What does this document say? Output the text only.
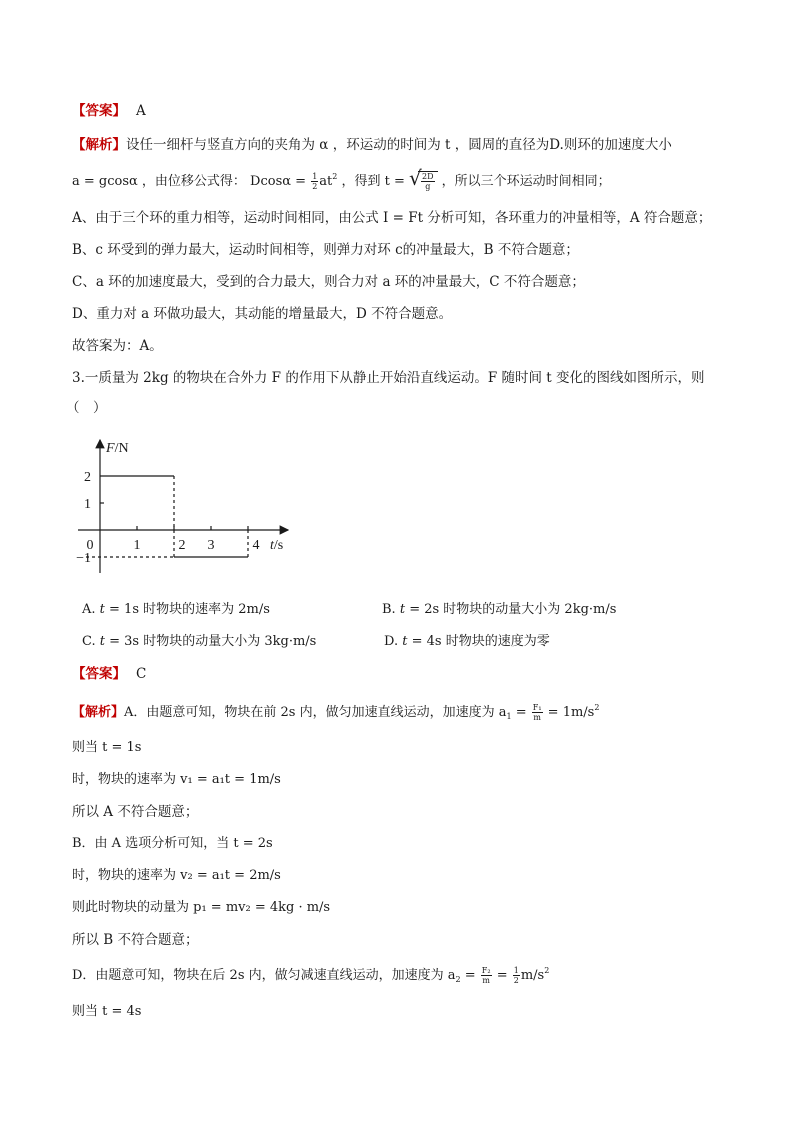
【答案】 A
【解析】设任一细杆与竖直方向的夹角为 α ，环运动的时间为 t ，圆周的直径为D.则环的加速度大小
a = gcosα ，由位移公式得： $Dcos\alpha = \frac{1}{2} at^2$ ，得到 t = √ $\frac{2D}{g}$ ，所以三个环运动时间相同；
A、由于三个环的重力相等，运动时间相同，由公式 I = Ft 分析可知，各环重力的冲量相等，A 符合题意；
B、c 环受到的弹力最大，运动时间相等，则弹力对环 c的冲量最大，B 不符合题意；
C、a 环的加速度最大，受到的合力最大，则合力对 a 环的冲量最大，C 不符合题意；
D、重力对 a 环做功最大，其动能的增量最大，D 不符合题意。
故答案为：A。
3.一质量为 2kg 的物块在合外力 F 的作用下从静止开始沿直线运动。F 随时间 t 变化的图线如图所示，则
（　）
0	1	2 3	4
2
1
−1
F/N
t/s
A. t = 1s 时物块的速率为 2m/s	B. t = 2s 时物块的动量大小为 2kg·m/s
C. t = 3s 时物块的动量大小为 3kg·m/s	D. t = 4s 时物块的速度为零
【答案】 C
【解析】A．由题意可知，物块在前 2s 内，做匀加速直线运动，加速度为 $a_1 = \frac{\text{F₁}}{m} = 1m/s^2$
则当 t = 1s
时，物块的速率为 v₁ = a₁t = 1m/s
所以 A 不符合题意；
B．由 A 选项分析可知，当 t = 2s
时，物块的速率为 v₂ = a₁t = 2m/s
则此时物块的动量为 p₁ = mv₂ = 4kg · m/s
所以 B 不符合题意；
D．由题意可知，物块在后 2s 内，做匀减速直线运动，加速度为 $a_2 = \frac{\text{F₂}}{m} = \frac{1}{2} m/s^2$
则当 t = 4s
